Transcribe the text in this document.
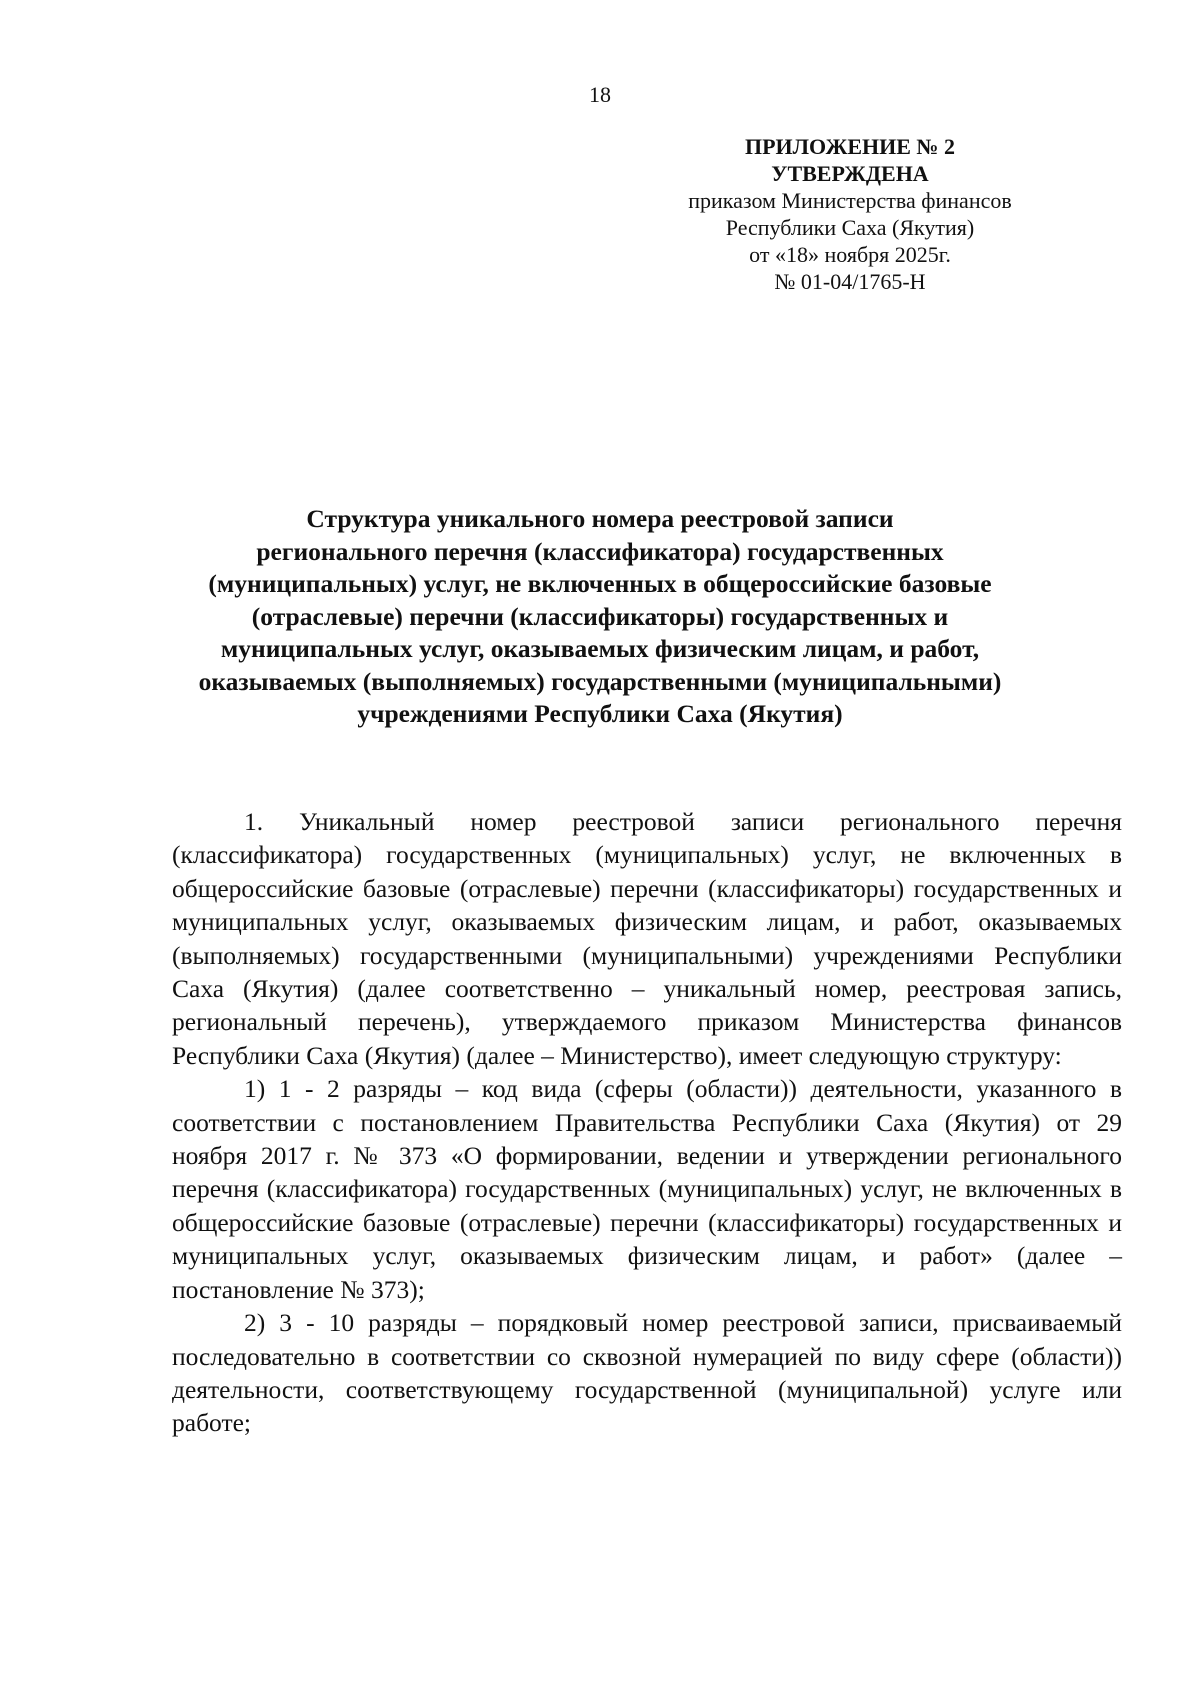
18
ПРИЛОЖЕНИЕ № 2
УТВЕРЖДЕНА
приказом Министерства финансов
Республики Саха (Якутия)
от «18» ноября 2025г.
№ 01-04/1765-Н
Структура уникального номера реестровой записи
регионального перечня (классификатора) государственных
(муниципальных) услуг, не включенных в общероссийские базовые
(отраслевые) перечни (классификаторы) государственных и
муниципальных услуг, оказываемых физическим лицам, и работ,
оказываемых (выполняемых) государственными (муниципальными)
учреждениями Республики Саха (Якутия)

1. Уникальный номер реестровой записи регионального перечня (классификатора) государственных (муниципальных) услуг, не включенных в общероссийские базовые (отраслевые) перечни (классификаторы) государственных и муниципальных услуг, оказываемых физическим лицам, и работ, оказываемых (выполняемых) государственными (муниципальными) учреждениями Республики Саха (Якутия) (далее соответственно – уникальный номер, реестровая запись, региональный перечень), утверждаемого приказом Министерства финансов Республики Саха (Якутия) (далее – Министерство), имеет следующую структуру:

1) 1 - 2 разряды – код вида (сферы (области)) деятельности, указанного в соответствии с постановлением Правительства Республики Саха (Якутия) от 29 ноября 2017 г. № 373 «О формировании, ведении и утверждении регионального перечня (классификатора) государственных (муниципальных) услуг, не включенных в общероссийские базовые (отраслевые) перечни (классификаторы) государственных и муниципальных услуг, оказываемых физическим лицам, и работ» (далее – постановление № 373);

2) 3 - 10 разряды – порядковый номер реестровой записи, присваиваемый последовательно в соответствии со сквозной нумерацией по виду сфере (области)) деятельности, соответствующему государственной (муниципальной) услуге или работе;
